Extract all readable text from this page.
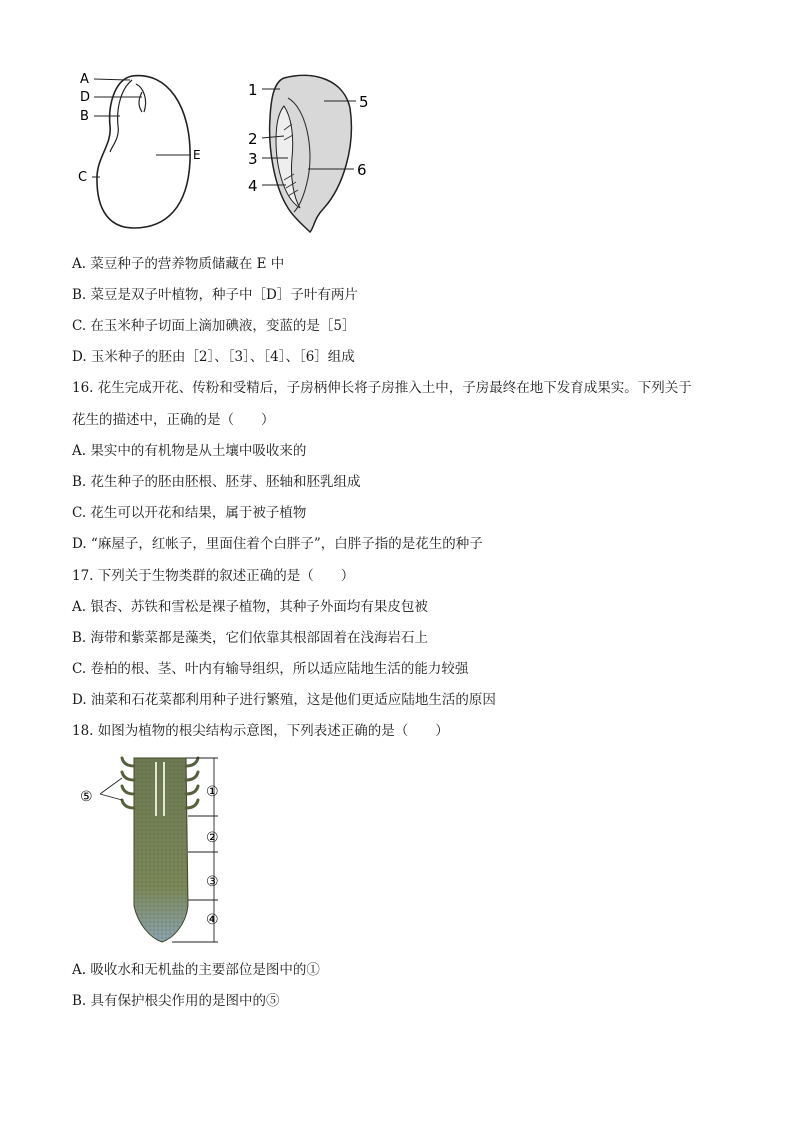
A
D
B
C
E
1
2
3
4
5
6
A. 菜豆种子的营养物质储藏在 E 中
B. 菜豆是双子叶植物，种子中［D］子叶有两片
C. 在玉米种子切面上滴加碘液，变蓝的是［5］
D. 玉米种子的胚由［2］、［3］、［4］、［6］组成
16. 花生完成开花、传粉和受精后，子房柄伸长将子房推入土中，子房最终在地下发育成果实。下列关于
花生的描述中，正确的是（　　）
A. 果实中的有机物是从土壤中吸收来的
B. 花生种子的胚由胚根、胚芽、胚轴和胚乳组成
C. 花生可以开花和结果，属于被子植物
D. “麻屋子，红帐子，里面住着个白胖子”，白胖子指的是花生的种子
17. 下列关于生物类群的叙述正确的是（　　）
A. 银杏、苏铁和雪松是裸子植物，其种子外面均有果皮包被
B. 海带和紫菜都是藻类，它们依靠其根部固着在浅海岩石上
C. 卷柏的根、茎、叶内有输导组织，所以适应陆地生活的能力较强
D. 油菜和石花菜都利用种子进行繁殖，这是他们更适应陆地生活的原因
18. 如图为植物的根尖结构示意图，下列表述正确的是（　　）
⑤	①
②
③
④
A. 吸收水和无机盐的主要部位是图中的①
B. 具有保护根尖作用的是图中的⑤
